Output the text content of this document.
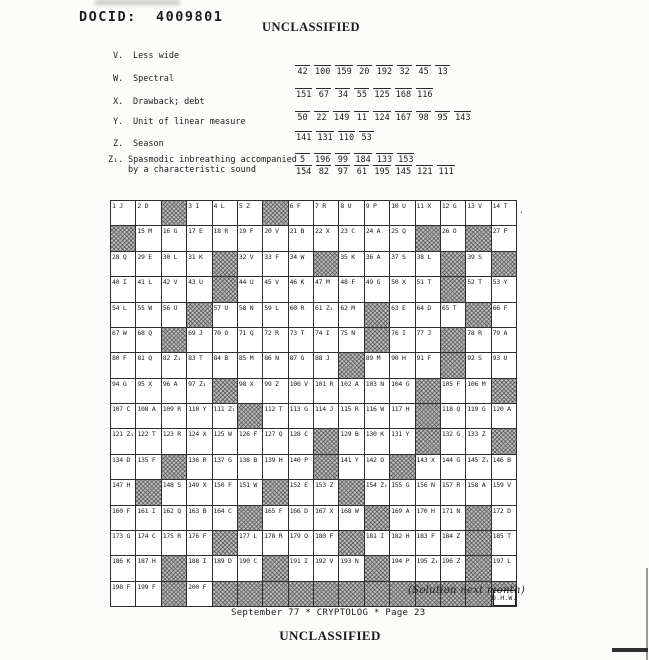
DOCID:  4009801
UNCLASSIFIED
V. Less wide
42 100 159 20 192 32 45 13
W. Spectral
151 67 34 55 125 168 116
X. Drawback; debt
50 22 149 11 124 167 98 95 143
Y. Unit of linear measure
141 131 110 53
Z. Season
5 196 99 184 133 153
Z₁. Spasmodic inbreathing accompanied
by a characteristic sound	154 82 97 61 195 145 121 111
1 J 2 D	3 I 4 L 5 Z	6 F 7 R 8 U 9 P 10 U 11 X 12 G 13 V 14 T
15 M 16 G 17 E 18 R 19 F 20 V 21 B 22 X 23 C 24 A 25 Q	26 O	27 F
28 Q 29 E 30 L 31 K	32 V 33 F 34 W	35 K 36 A 37 S 38 L	39 S
40 I 41 L 42 V 43 U	44 U 45 V 46 K 47 M 48 F 49 G 50 X 51 T	52 T 53 Y
54 L 55 W 56 U	57 U 58 N 59 L 60 R 61 Z₁ 62 M	63 E 64 D 65 T	66 F
67 W 68 Q	69 J 70 O 71 Q 72 R 73 T 74 I 75 N	76 I 77 J	78 R 79 A
80 F 81 Q 82 Z₁ 83 T 84 B 85 M 86 N 87 G 88 J	89 M 90 H 91 F	92 S 93 U
94 G 95 X 96 A 97 Z₁	98 X 99 Z 100 V 101 R 102 A 103 N 104 G	105 F 106 M
107 C 108 A 109 R 110 Y 111 Z₁	112 T 113 G 114 J 115 R 116 W 117 H	118 Q 119 G 120 A
121 Z₁ 122 T 123 R 124 X 125 W 126 F 127 Q 128 C	129 B 130 K 131 Y	132 G 133 Z
134 D 135 F	136 R 137 G 138 B 139 H 140 P	141 Y 142 O	143 X 144 G 145 Z₁ 146 B
147 H	148 S 149 X 150 F 151 W	152 E 153 Z	154 Z₁ 155 G 156 N 157 R 158 A 159 V
160 F 161 I 162 Q 163 B 164 C	165 F 166 D 167 X 168 W	169 A 170 H 171 N	172 D
173 G 174 C 175 R 176 F	177 L 178 R 179 O 180 F	181 I 182 H 183 F 184 Z	185 T
186 K 187 H	188 I 189 D 190 C	191 I 192 V 193 N	194 P 195 Z₁ 196 Z	197 L
198 F 199 F	200 F
D.H.W.
.
(Solution next month)
September 77 * CRYPTOLOG * Page 23
UNCLASSIFIED
